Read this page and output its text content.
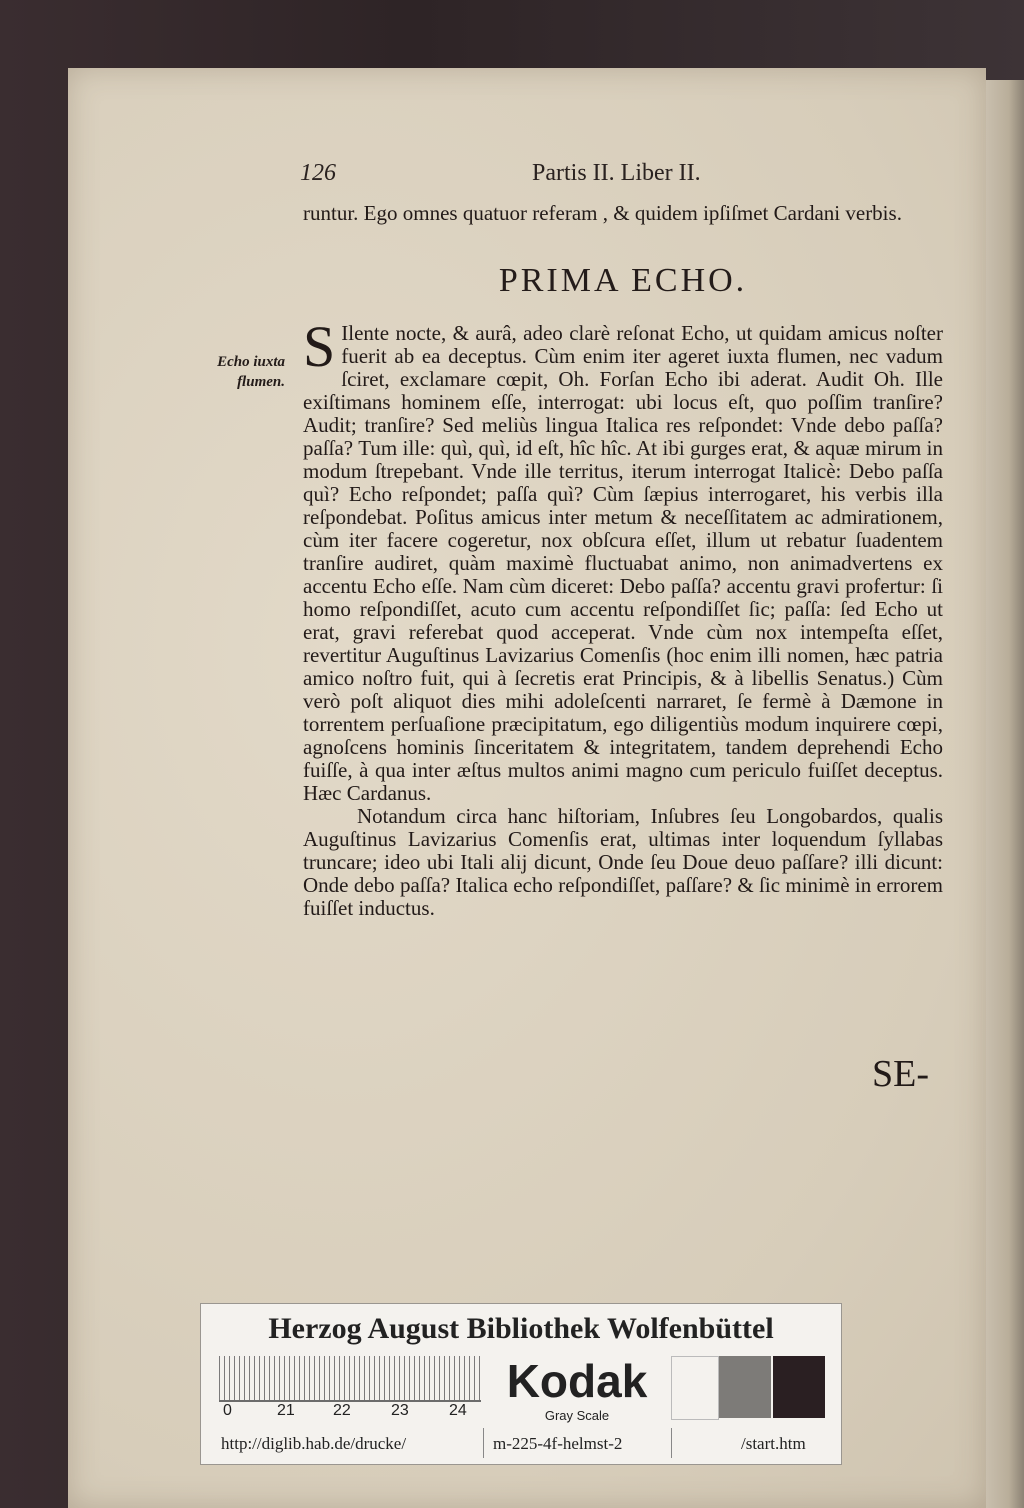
126	Partis II. Liber II.

runtur. Ego omnes quatuor referam , & quidem ipſiſmet Cardani verbis.

PRIMA ECHO.
Echo iuxta
flumen.

S Ilente nocte, & aurâ, adeo clarè reſonat Echo, ut quidam amicus noſter fuerit ab ea deceptus. Cùm enim iter ageret iuxta flumen, nec vadum ſciret, exclamare cœpit, Oh. Forſan Echo ibi aderat. Audit Oh. Ille exiſtimans hominem eſſe, interrogat: ubi locus eſt, quo poſſim tranſire? Audit; tranſire? Sed meliùs lingua Italica res reſpondet: Vnde debo paſſa? paſſa? Tum ille: quì, quì, id eſt, hîc hîc. At ibi gurges erat, & aquæ mirum in modum ſtrepebant. Vnde ille territus, iterum interrogat Italicè: Debo paſſa quì? Echo reſpondet; paſſa quì? Cùm ſæpius interrogaret, his verbis illa reſpondebat. Poſitus amicus inter metum & neceſſitatem ac admirationem, cùm iter facere cogeretur, nox obſcura eſſet, illum ut rebatur ſuadentem tranſire audiret, quàm maximè fluctuabat animo, non animadvertens ex accentu Echo eſſe. Nam cùm diceret: Debo paſſa? accentu gravi profertur: ſi homo reſpondiſſet, acuto cum accentu reſpondiſſet ſic; paſſa: ſed Echo ut erat, gravi referebat quod acceperat. Vnde cùm nox intempeſta eſſet, revertitur Auguſtinus Lavizarius Comenſis (hoc enim illi nomen, hæc patria amico noſtro fuit, qui à ſecretis erat Principis, & à libellis Senatus.) Cùm verò poſt aliquot dies mihi adoleſcenti narraret, ſe fermè à Dæmone in torrentem perſuaſione præcipitatum, ego diligentiùs modum inquirere cœpi, agnoſcens hominis ſinceritatem & integritatem, tandem deprehendi Echo fuiſſe, à qua inter æſtus multos animi magno cum periculo fuiſſet deceptus. Hæc Cardanus.

Notandum circa hanc hiſtoriam, Inſubres ſeu Longobardos, qualis Auguſtinus Lavizarius Comenſis erat, ultimas inter loquendum ſyllabas truncare; ideo ubi Itali alij dicunt, Onde ſeu Doue deuo paſſare? illi dicunt: Onde debo paſſa? Italica echo reſpondiſſet, paſſare? & ſic minimè in errorem fuiſſet inductus.

SE-
Herzog August Bibliothek Wolfenbüttel
0	21 22	23	24
Kodak
Gray Scale
http://diglib.hab.de/drucke/	m-225-4f-helmst-2	/start.htm
